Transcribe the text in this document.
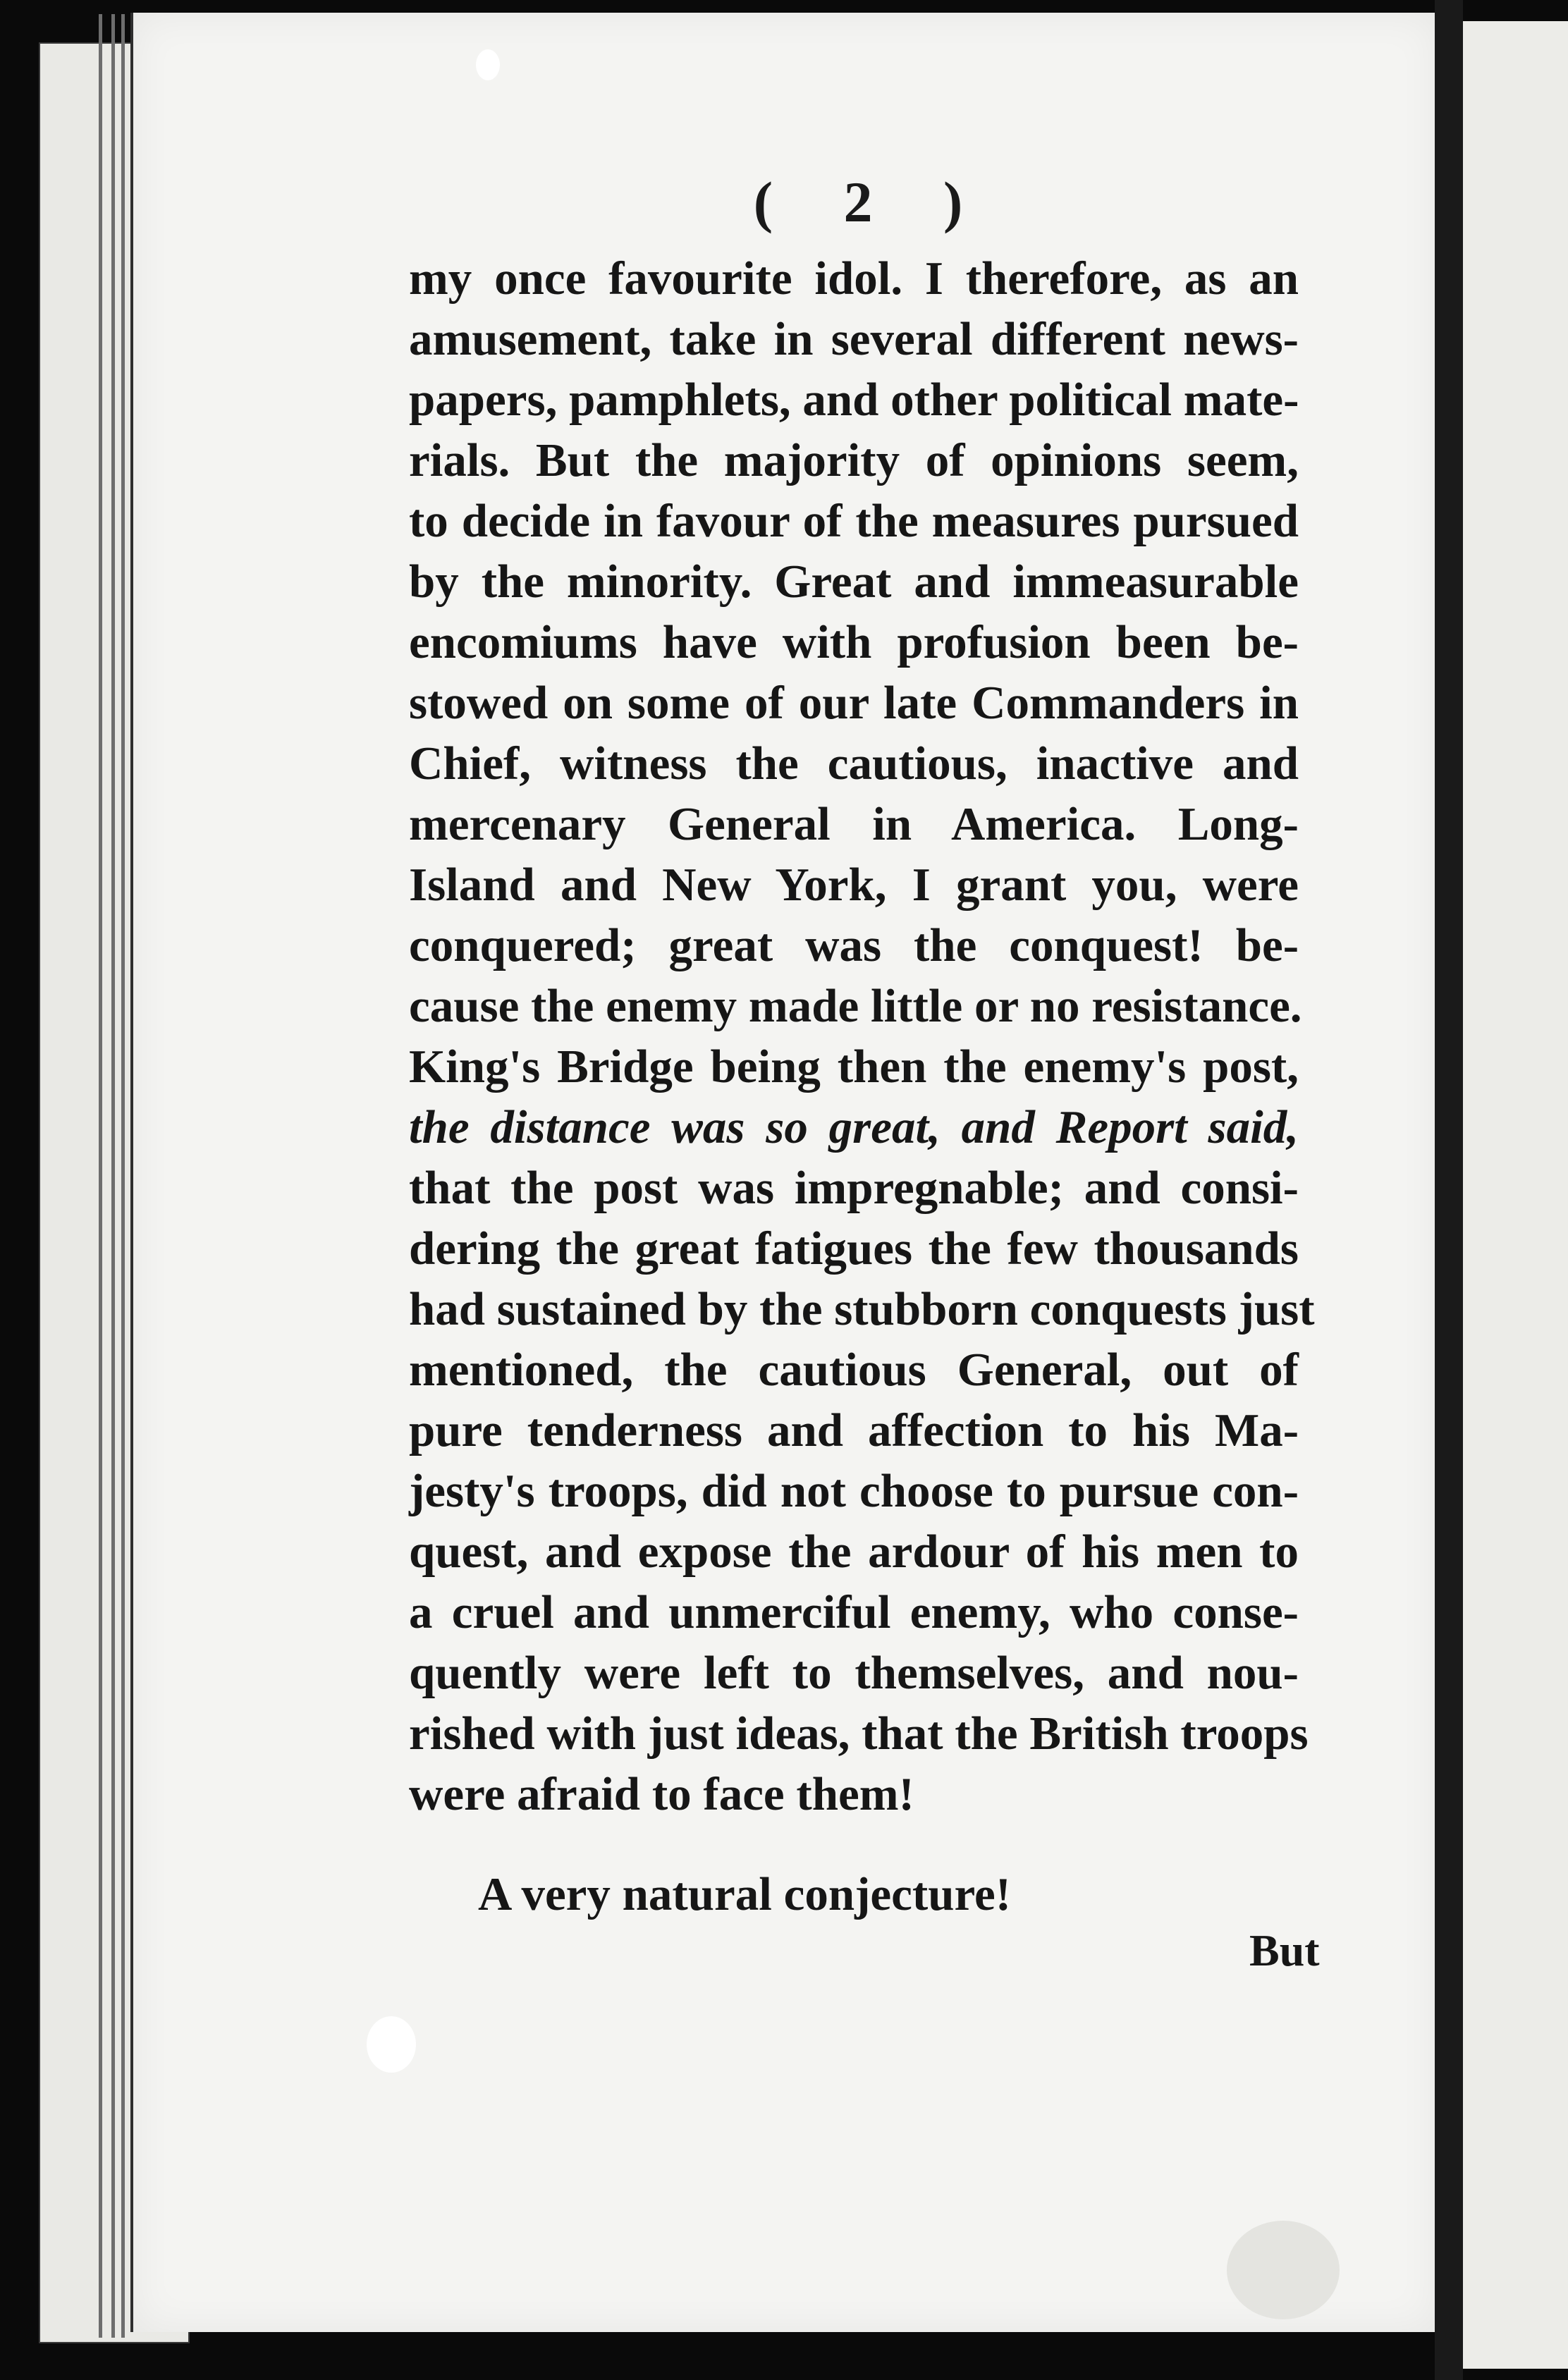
( 2 )
my once favourite idol. I therefore, as an
amusement, take in several different news-
papers, pamphlets, and other political mate-
rials. But the majority of opinions seem,
to decide in favour of the measures pursued
by the minority. Great and immeasurable
encomiums have with profusion been be-
stowed on some of our late Commanders in
Chief, witness the cautious, inactive and
mercenary General in America. Long-
Island and New York, I grant you, were
conquered; great was the conquest! be-
cause the enemy made little or no resistance.
King's Bridge being then the enemy's post,
the distance was so great, and Report said,
that the post was impregnable; and consi-
dering the great fatigues the few thousands
had sustained by the stubborn conquests just
mentioned, the cautious General, out of
pure tenderness and affection to his Ma-
jesty's troops, did not choose to pursue con-
quest, and expose the ardour of his men to
a cruel and unmerciful enemy, who conse-
quently were left to themselves, and nou-
rished with just ideas, that the British troops
were afraid to face them!
A very natural conjecture!
But
